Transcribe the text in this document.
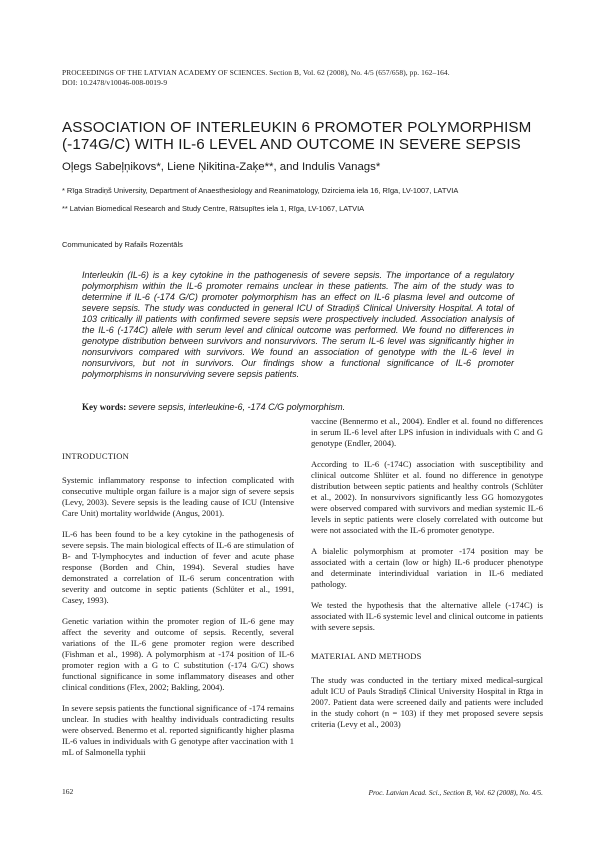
PROCEEDINGS OF THE LATVIAN ACADEMY OF SCIENCES. Section B, Vol. 62 (2008), No. 4/5 (657/658), pp. 162–164.
DOI: 10.2478/v10046-008-0019-9
ASSOCIATION OF INTERLEUKIN 6 PROMOTER POLYMORPHISM
(-174G/C) WITH IL-6 LEVEL AND OUTCOME IN SEVERE SEPSIS
Oļegs Sabeļņikovs*, Liene Ņikitina-Zaķe**, and Indulis Vanags*
* Rīga Stradiņš University, Department of Anaesthesiology and Reanimatology, Dzirciema iela 16, Rīga, LV-1007, LATVIA
** Latvian Biomedical Research and Study Centre, Rātsupītes iela 1, Rīga, LV-1067, LATVIA
Communicated by Rafails Rozentāls
Interleukin (IL-6) is a key cytokine in the pathogenesis of severe sepsis. The importance of a regulatory polymorphism within the IL-6 promoter remains unclear in these patients. The aim of the study was to determine if IL-6 (-174 G/C) promoter polymorphism has an effect on IL-6 plasma level and outcome of severe sepsis. The study was conducted in general ICU of Stradiņš Clinical University Hospital. A total of 103 critically ill patients with confirmed severe sepsis were prospectively included. Association analysis of the IL-6 (-174C) allele with serum level and clinical outcome was performed. We found no differences in genotype distribution between survivors and nonsurvivors. The serum IL-6 level was significantly higher in nonsurvivors compared with survivors. We found an association of genotype with the IL-6 level in nonsurvivors, but not in survivors. Our findings show a functional significance of IL-6 promoter polymorphisms in nonsurviving severe sepsis patients.
Key words: severe sepsis, interleukine-6, -174 C/G polymorphism.
INTRODUCTION

Systemic inflammatory response to infection complicated with consecutive multiple organ failure is a major sign of severe sepsis (Levy, 2003). Severe sepsis is the leading cause of ICU (Intensive Care Unit) mortality worldwide (Angus, 2001).

IL-6 has been found to be a key cytokine in the pathogenesis of severe sepsis. The main biological effects of IL-6 are stimulation of B- and T-lymphocytes and induction of fever and acute phase response (Borden and Chin, 1994). Several studies have demonstrated a correlation of IL-6 serum concentration with severity and outcome in septic patients (Schlüter et al., 1991, Casey, 1993).

Genetic variation within the promoter region of IL-6 gene may affect the severity and outcome of sepsis. Recently, several variations of the IL-6 gene promoter region were described (Fishman et al., 1998). A polymorphism at -174 position of IL-6 promoter region with a G to C substitution (-174 G/C) shows functional significance in some inflammatory diseases and other clinical conditions (Flex, 2002; Bakling, 2004).

In severe sepsis patients the functional significance of -174 remains unclear. In studies with healthy individuals contradicting results were observed. Benermo et al. reported significantly higher plasma IL-6 values in individuals with G genotype after vaccination with 1 mL of Salmonella typhii

vaccine (Bennermo et al., 2004). Endler et al. found no differences in serum IL-6 level after LPS infusion in individuals with C and G genotype (Endler, 2004).

According to IL-6 (-174C) association with susceptibility and clinical outcome Shlüter et al. found no difference in genotype distribution between septic patients and healthy controls (Schlüter et al., 2002). In nonsurvivors significantly less GG homozygotes were observed compared with survivors and median systemic IL-6 levels in septic patients were closely correlated with outcome but were not associated with the IL-6 promoter genotype.

A bialelic polymorphism at promoter -174 position may be associated with a certain (low or high) IL-6 producer phenotype and determinate interindividual variation in IL-6 mediated pathology.

We tested the hypothesis that the alternative allele (-174C) is associated with IL-6 systemic level and clinical outcome in patients with severe sepsis.

MATERIAL AND METHODS

The study was conducted in the tertiary mixed medical-surgical adult ICU of Pauls Stradiņš Clinical University Hospital in Rīga in 2007. Patient data were screened daily and patients were included in the study cohort (n = 103) if they met proposed severe sepsis criteria (Levy et al., 2003)

162	Proc. Latvian Acad. Sci., Section B, Vol. 62 (2008), No. 4/5.
